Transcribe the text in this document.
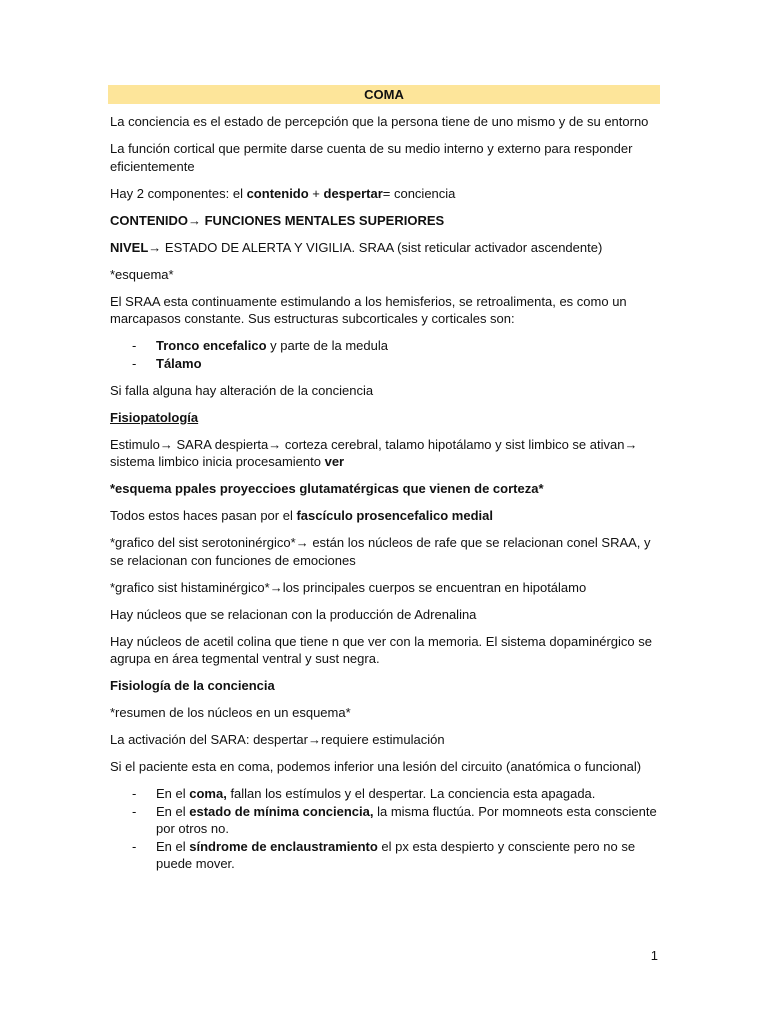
COMA

La conciencia es el estado de percepción que la persona tiene de uno mismo y de su entorno

La función cortical que permite darse cuenta de su medio interno y externo para responder eficientemente

Hay 2 componentes: el contenido + despertar= conciencia

CONTENIDO→ FUNCIONES MENTALES SUPERIORES

NIVEL→ ESTADO DE ALERTA Y VIGILIA. SRAA (sist reticular activador ascendente)

*esquema*

El SRAA esta continuamente estimulando a los hemisferios, se retroalimenta, es como un marcapasos constante. Sus estructuras subcorticales y corticales son:

- Tronco encefalico y parte de la medula
- Tálamo

Si falla alguna hay alteración de la conciencia

Fisiopatología

Estimulo→ SARA despierta→ corteza cerebral, talamo hipotálamo y sist limbico se ativan→ sistema limbico inicia procesamiento ver

*esquema ppales proyeccioes glutamatérgicas que vienen de corteza*

Todos estos haces pasan por el fascículo prosencefalico medial

*grafico del sist serotoninérgico*→ están los núcleos de rafe que se relacionan conel SRAA, y se relacionan con funciones de emociones

*grafico sist histaminérgico*→los principales cuerpos se encuentran en hipotálamo

Hay núcleos que se relacionan con la producción de Adrenalina

Hay núcleos de acetil colina que tiene n que ver con la memoria. El sistema dopaminérgico se agrupa en área tegmental ventral y sust negra.

Fisiología de la conciencia

*resumen de los núcleos en un esquema*

La activación del SARA: despertar→requiere estimulación

Si el paciente esta en coma, podemos inferior una lesión del circuito (anatómica o funcional)

- En el coma, fallan los estímulos y el despertar. La conciencia esta apagada.
- En el estado de mínima conciencia, la misma fluctúa. Por momneots esta consciente por otros no.
- En el síndrome de enclaustramiento el px esta despierto y consciente pero no se puede mover.
1
